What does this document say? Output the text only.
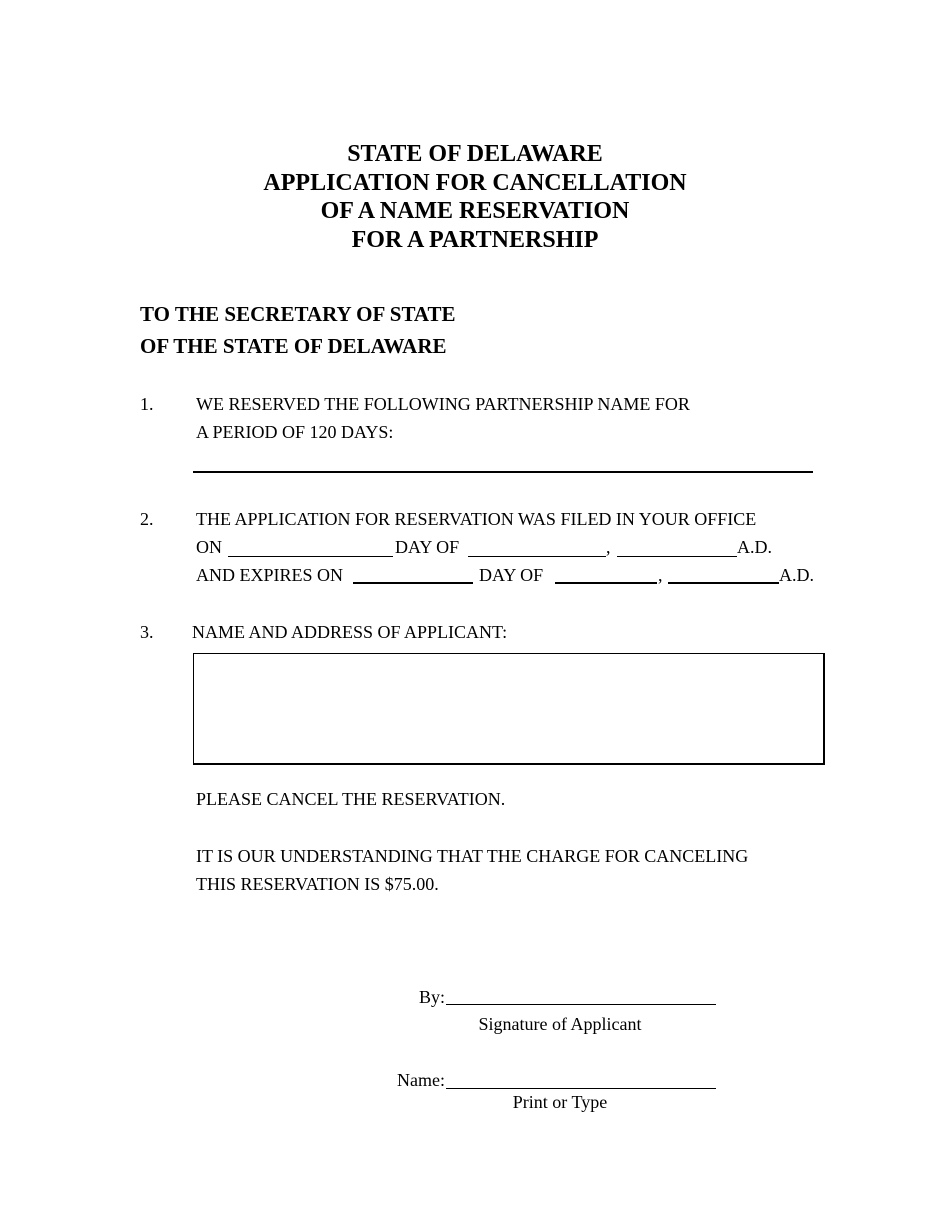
STATE OF DELAWARE
APPLICATION FOR CANCELLATION
OF A NAME RESERVATION
FOR A PARTNERSHIP
TO THE SECRETARY OF STATE
OF THE STATE OF DELAWARE
1. WE RESERVED THE FOLLOWING PARTNERSHIP NAME FOR
A PERIOD OF 120 DAYS:
2. THE APPLICATION FOR RESERVATION WAS FILED IN YOUR OFFICE
ON	DAY OF	,	A.D.
AND EXPIRES ON	DAY OF	,	A.D.
3. NAME AND ADDRESS OF APPLICANT:
PLEASE CANCEL THE RESERVATION.
IT IS OUR UNDERSTANDING THAT THE CHARGE FOR CANCELING
THIS RESERVATION IS $75.00.
By:
Signature of Applicant
Name:
Print or Type
